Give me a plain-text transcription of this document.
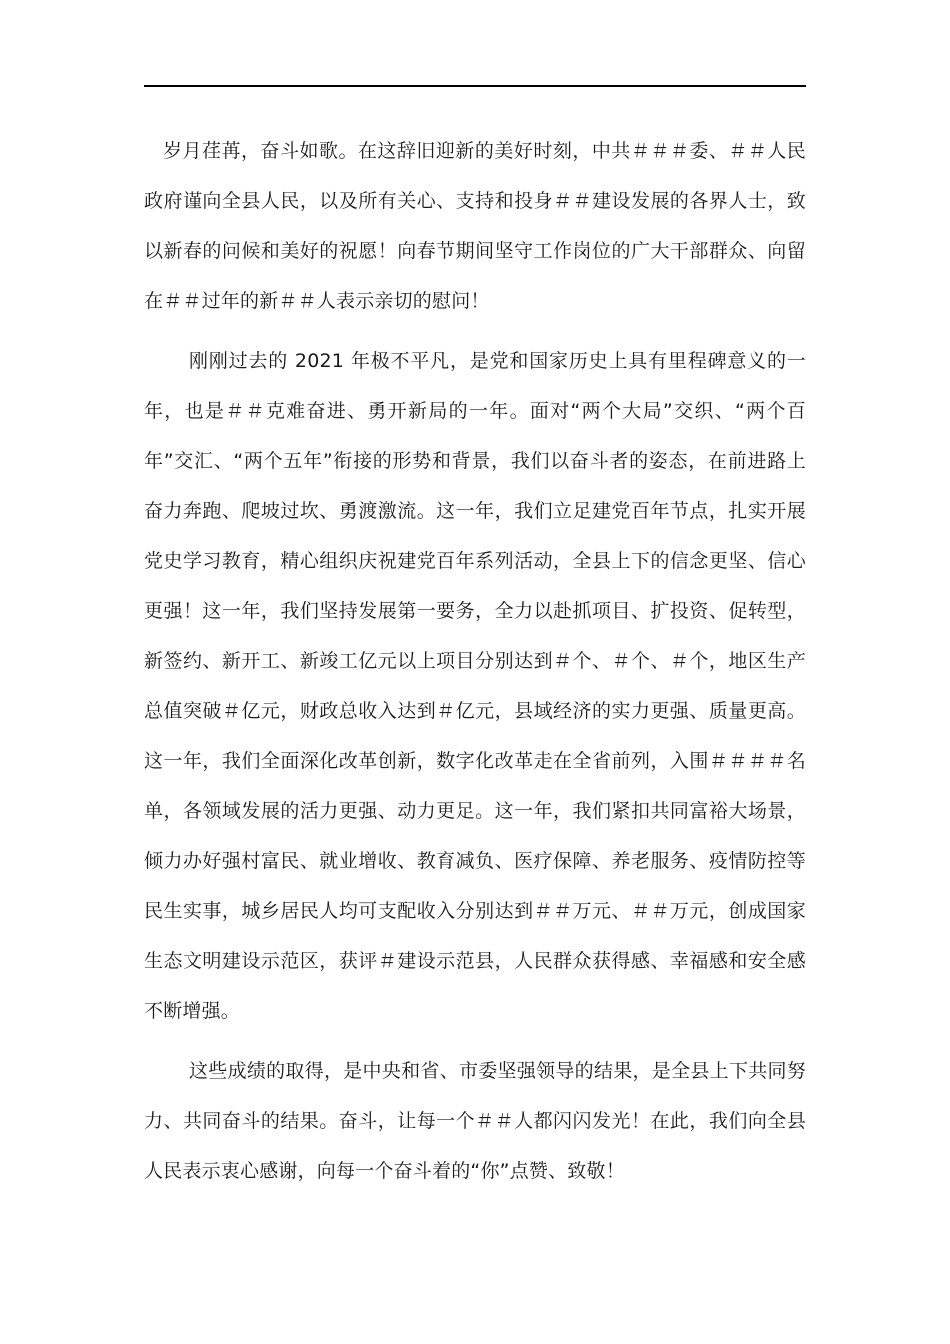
岁月荏苒，奋斗如歌。在这辞旧迎新的美好时刻，中共＃＃＃委、＃＃人民政府谨向全县人民，以及所有关心、支持和投身＃＃建设发展的各界人士，致以新春的问候和美好的祝愿！向春节期间坚守工作岗位的广大干部群众、向留在＃＃过年的新＃＃人表示亲切的慰问！

刚刚过去的 2021 年极不平凡，是党和国家历史上具有里程碑意义的一年，也是＃＃克难奋进、勇开新局的一年。面对“两个大局”交织、“两个百年”交汇、“两个五年”衔接的形势和背景，我们以奋斗者的姿态，在前进路上奋力奔跑、爬坡过坎、勇渡激流。这一年，我们立足建党百年节点，扎实开展党史学习教育，精心组织庆祝建党百年系列活动，全县上下的信念更坚、信心更强！这一年，我们坚持发展第一要务，全力以赴抓项目、扩投资、促转型，新签约、新开工、新竣工亿元以上项目分别达到＃个、＃个、＃个，地区生产总值突破＃亿元，财政总收入达到＃亿元，县域经济的实力更强、质量更高。这一年，我们全面深化改革创新，数字化改革走在全省前列，入围＃＃＃＃名单，各领域发展的活力更强、动力更足。这一年，我们紧扣共同富裕大场景，倾力办好强村富民、就业增收、教育减负、医疗保障、养老服务、疫情防控等民生实事，城乡居民人均可支配收入分别达到＃＃万元、＃＃万元，创成国家生态文明建设示范区，获评＃建设示范县，人民群众获得感、幸福感和安全感不断增强。

这些成绩的取得，是中央和省、市委坚强领导的结果，是全县上下共同努力、共同奋斗的结果。奋斗，让每一个＃＃人都闪闪发光！在此，我们向全县人民表示衷心感谢，向每一个奋斗着的“你”点赞、致敬！
